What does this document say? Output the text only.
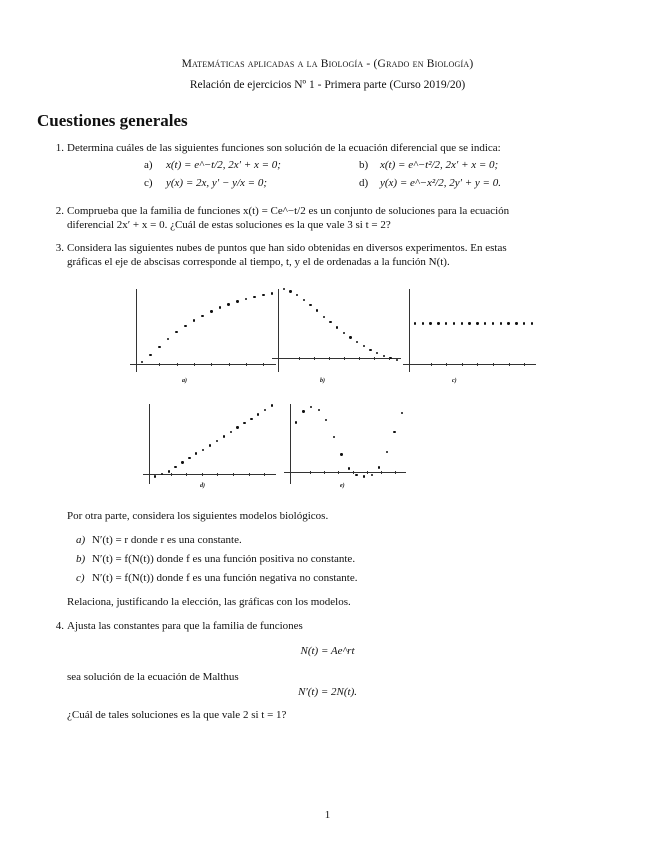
Matemáticas aplicadas a la Biología - (Grado en Biología)
Relación de ejercicios Nº 1 - Primera parte (Curso 2019/20)
Cuestiones generales
1. Determina cuáles de las siguientes funciones son solución de la ecuación diferencial que se indica:
a) x(t) = e^−t/2, 2x′ + x = 0;	b) x(t) = e^−t²/2, 2x′ + x = 0;
c) y(x) = 2x, y′ − y/x = 0;	d) y(x) = e^−x²/2, 2y′ + y = 0.
2. Comprueba que la familia de funciones x(t) = Ce^−t/2 es un conjunto de soluciones para la ecuación
diferencial 2x′ + x = 0. ¿Cuál de estas soluciones es la que vale 3 si t = 2?
3. Considera las siguientes nubes de puntos que han sido obtenidas en diversos experimentos. En estas
gráficas el eje de abscisas corresponde al tiempo, t, y el de ordenadas a la función N(t).
a)	b)	c)
d)	e)
Por otra parte, considera los siguientes modelos biológicos.
a) N′(t) = r donde r es una constante.
b) N′(t) = f(N(t)) donde f es una función positiva no constante.
c) N′(t) = f(N(t)) donde f es una función negativa no constante.
Relaciona, justificando la elección, las gráficas con los modelos.
4. Ajusta las constantes para que la familia de funciones
N(t) = Ae^rt
sea solución de la ecuación de Malthus
N′(t) = 2N(t).
¿Cuál de tales soluciones es la que vale 2 si t = 1?
1
